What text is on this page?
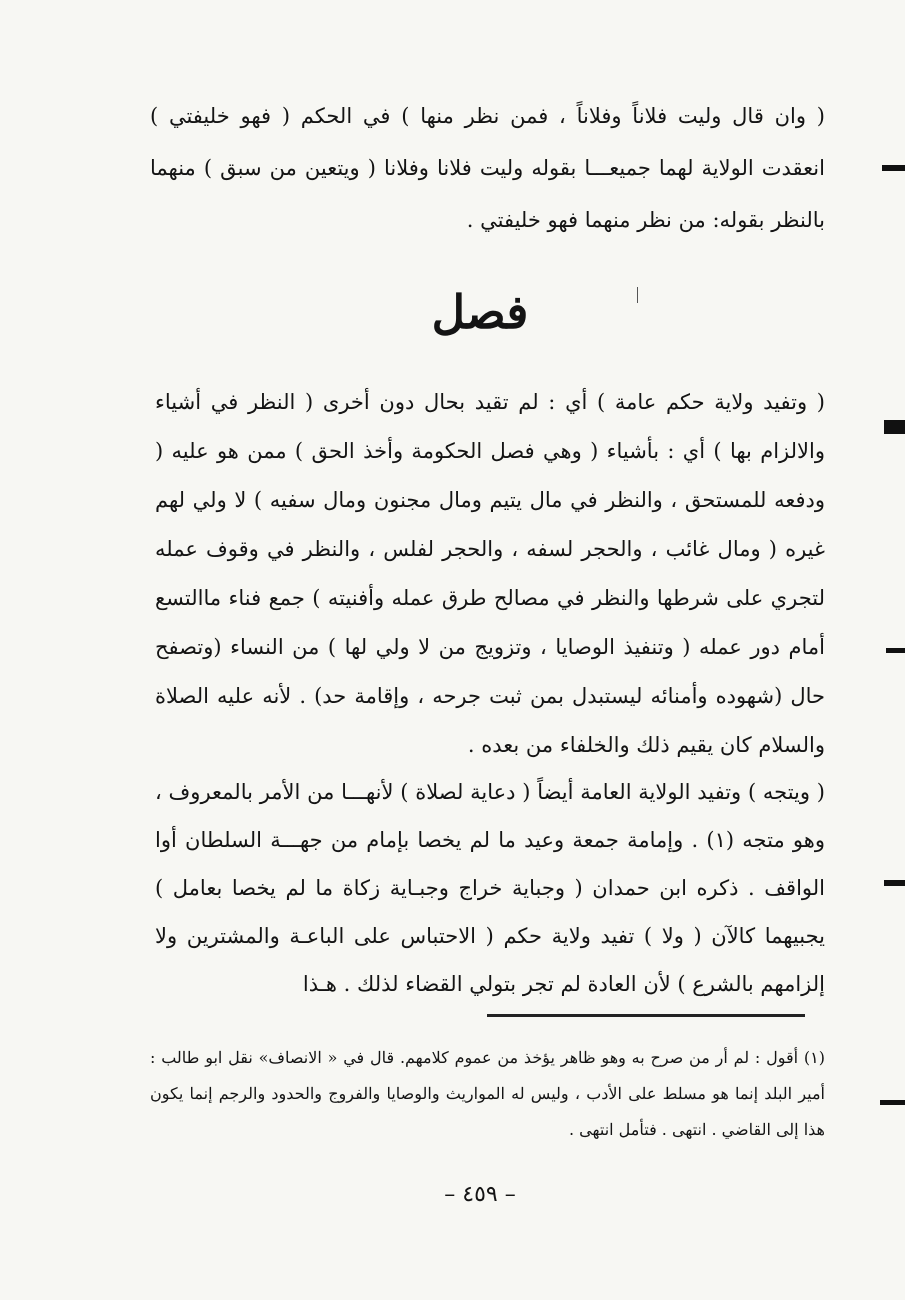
( وان قال وليت فلاناً وفلاناً ، فمن نظر منها ) في الحكم ( فهو خليفتي ) انعقدت الولاية لهما جميعـــا بقوله وليت فلانا وفلانا ( ويتعين من سبق ) منهما بالنظر بقوله: من نظر منهما فهو خليفتي .

فصل

( وتفيد ولاية حكم عامة ) أي : لم تقيد بحال دون أخرى ( النظر في أشياء والالزام بها ) أي : بأشياء ( وهي فصل الحكومة وأخذ الحق ) ممن هو عليه ( ودفعه للمستحق ، والنظر في مال يتيم ومال مجنون ومال سفيه ) لا ولي لهم غيره ( ومال غائب ، والحجر لسفه ، والحجر لفلس ، والنظر في وقوف عمله لتجري على شرطها والنظر في مصالح طرق عمله وأفنيته ) جمع فناء ماالتسع أمام دور عمله ( وتنفيذ الوصايا ، وتزويج من لا ولي لها ) من النساء (وتصفح حال (شهوده وأمنائه ليستبدل بمن ثبت جرحه ، وإقامة حد) . لأنه عليه الصلاة والسلام كان يقيم ذلك والخلفاء من بعده .

( ويتجه ) وتفيد الولاية العامة أيضاً ( دعاية لصلاة ) لأنهـــا من الأمر بالمعروف ، وهو متجه (١) . وإمامة جمعة وعيد ما لم يخصا بإمام من جهـــة السلطان أوا الواقف . ذكره ابن حمدان ( وجباية خراج وجبـاية زكاة ما لم يخصا بعامل ) يجبيهما كالآن ( ولا ) تفيد ولاية حكم ( الاحتباس على الباعـة والمشترين ولا إلزامهم بالشرع ) لأن العادة لم تجر بتولي القضاء لذلك . هـذا

(١) أقول : لم أر من صرح به وهو ظاهر يؤخذ من عموم كلامهم. قال في « الانصاف» نقل ابو طالب : أمير البلد إنما هو مسلط على الأدب ، وليس له المواريث والوصايا والفروج والحدود والرجم إنما يكون هذا إلى القاضي . انتهى . فتأمل انتهى .

– ٤٥٩ –
